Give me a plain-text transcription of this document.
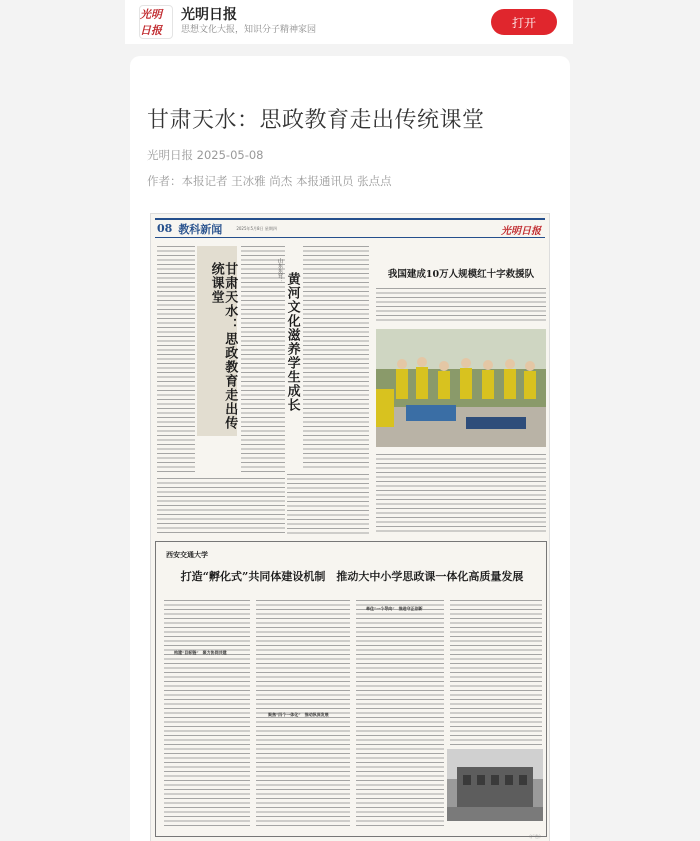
光明日报
光明日报
思想文化大报，知识分子精神家园
打开
甘肃天水：思政教育走出传统课堂
光明日报 2025-05-08
作者：本报记者 王冰雅 尚杰 本报通讯员 张点点
08 教科新闻	2025年5月8日 星期四	光明日报
甘肃天水：思政教育走出传统课堂	山东东营：
黄河文化滋养学生成长	我国建成10万人规模红十字救援队
西安交通大学
打造“孵化式”共同体建设机制　推动大中小学思政课一体化高质量发展
构建“目标链”　聚力协同共建
聚焦“四个一体化”　推动纵深发展
牵住“一个导向”　推进守正创新
（广告）
